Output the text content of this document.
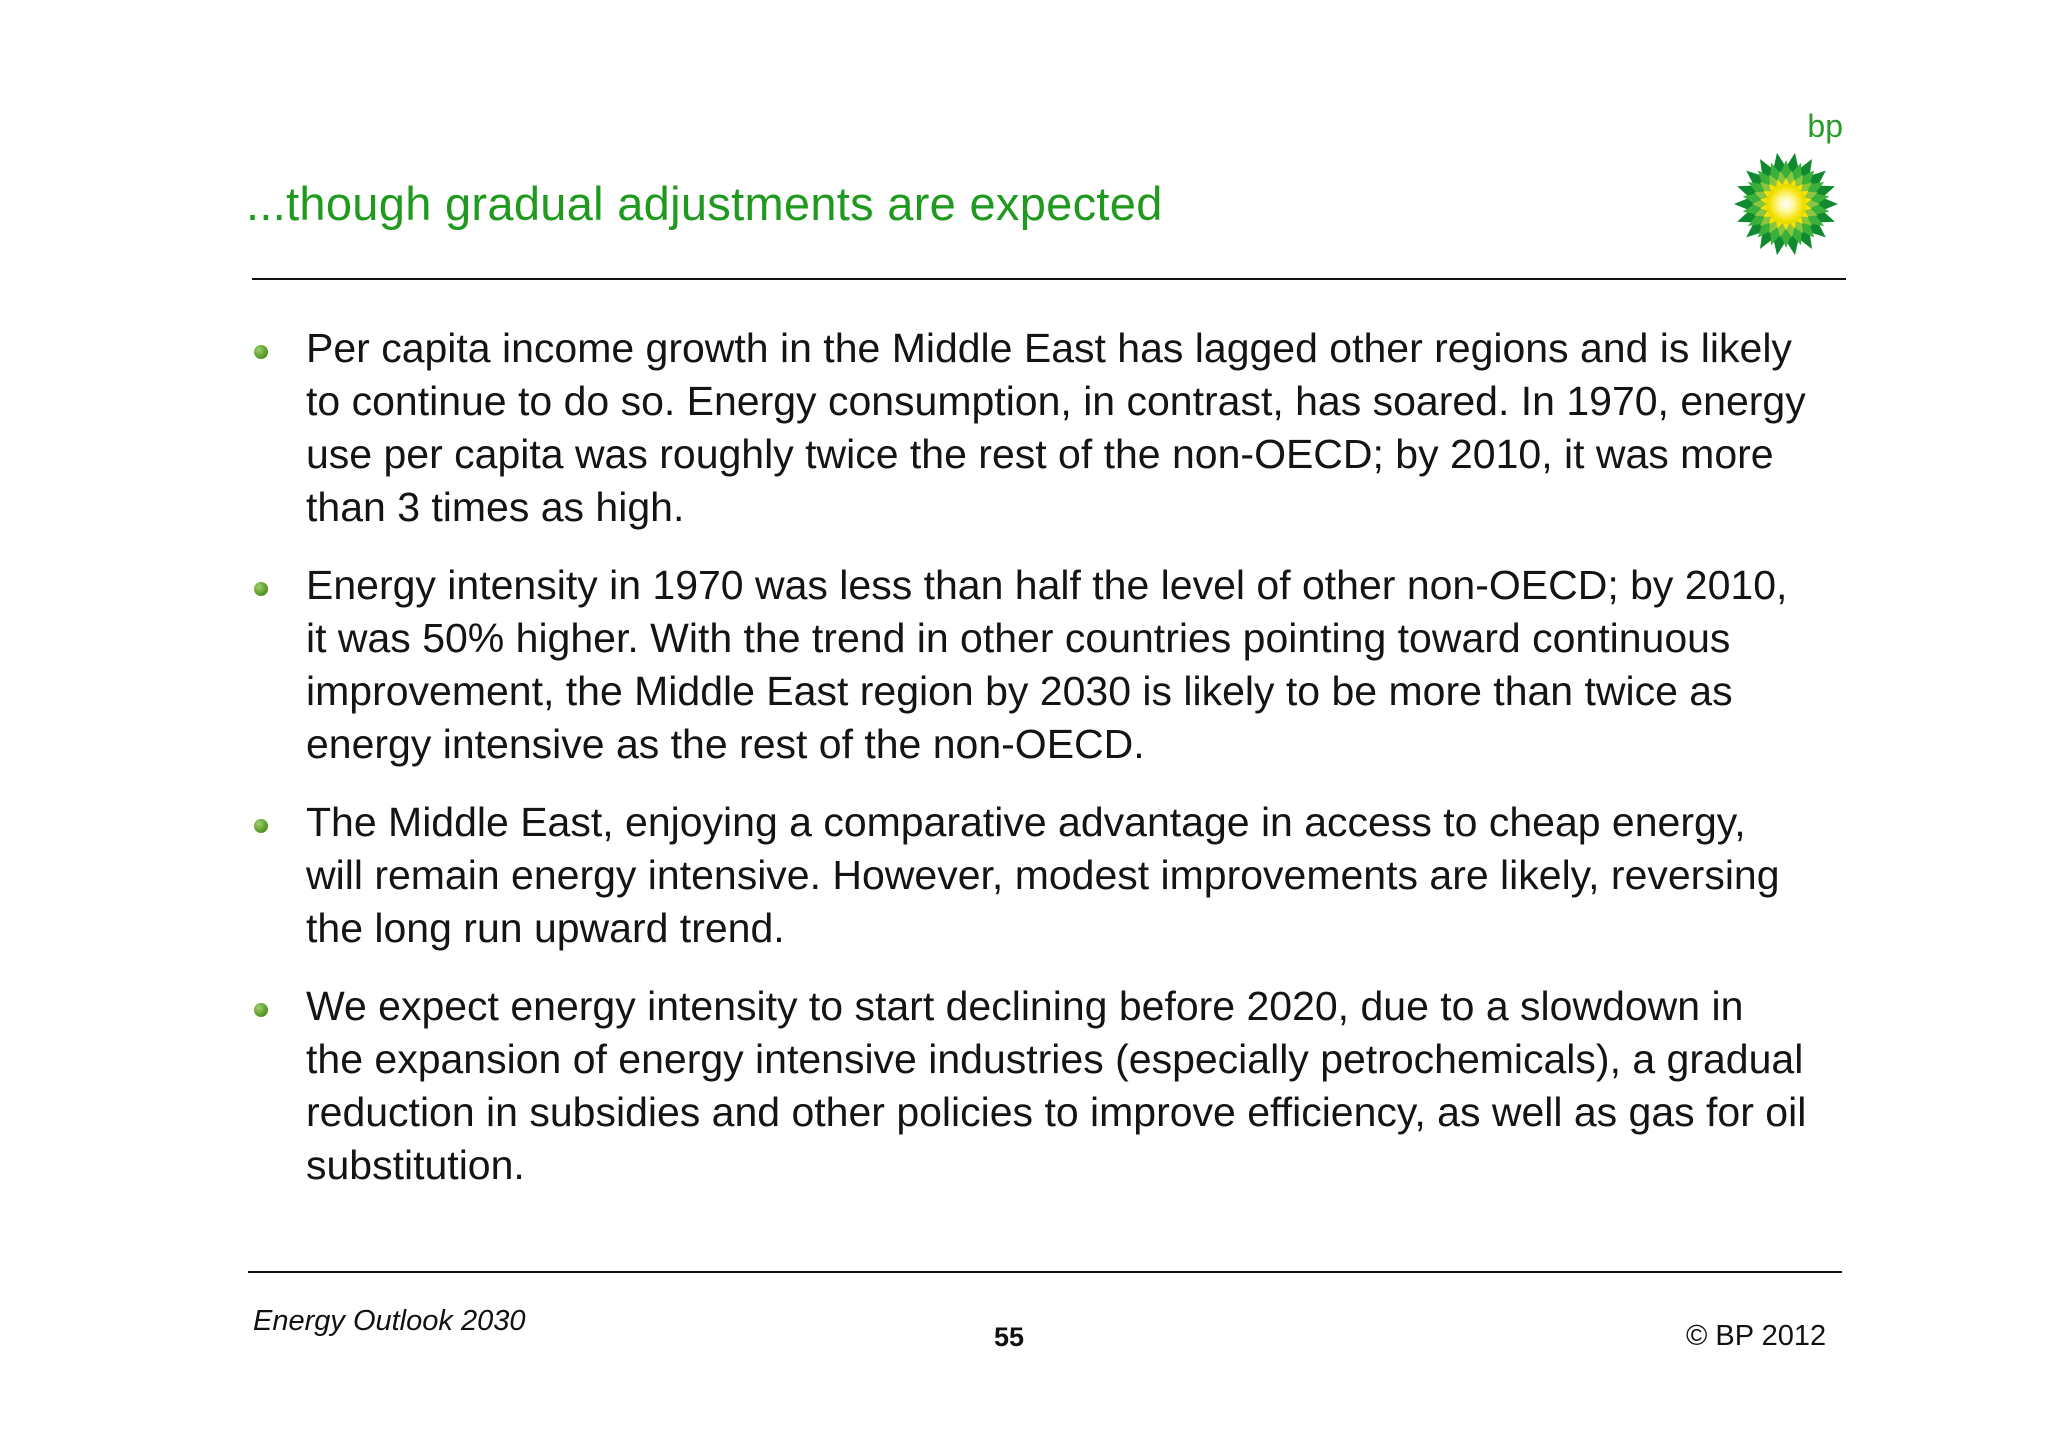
...though gradual adjustments are expected
bp
Per capita income growth in the Middle East has lagged other regions and is likely to continue to do so. Energy consumption, in contrast, has soared. In 1970, energy use per capita was roughly twice the rest of the non-OECD; by 2010, it was more than 3 times as high.
Energy intensity in 1970 was less than half the level of other non-OECD; by 2010, it was 50% higher. With the trend in other countries pointing toward continuous improvement, the Middle East region by 2030 is likely to be more than twice as energy intensive as the rest of the non-OECD.
The Middle East, enjoying a comparative advantage in access to cheap energy, will remain energy intensive. However, modest improvements are likely, reversing the long run upward trend.
We expect energy intensity to start declining before 2020, due to a slowdown in the expansion of energy intensive industries (especially petrochemicals), a gradual reduction in subsidies and other policies to improve efficiency, as well as gas for oil substitution.
Energy Outlook 2030	55	© BP 2012
